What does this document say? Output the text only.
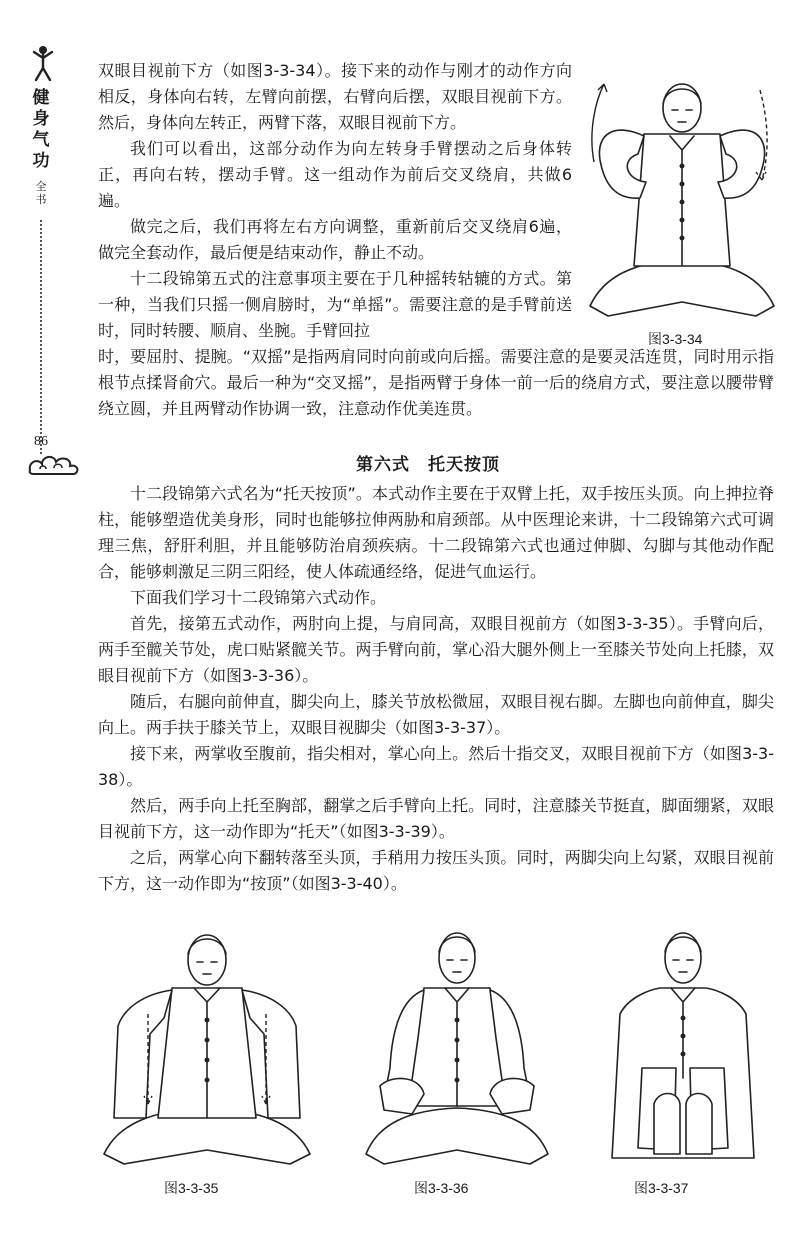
健身气功
全书
86

双眼目视前下方（如图3-3-34）。接下来的动作与刚才的动作方向相反，身体向右转，左臂向前摆，右臂向后摆，双眼目视前下方。然后，身体向左转正，两臂下落，双眼目视前下方。

我们可以看出，这部分动作为向左转身手臂摆动之后身体转正，再向右转，摆动手臂。这一组动作为前后交叉绕肩，共做6遍。

做完之后，我们再将左右方向调整，重新前后交叉绕肩6遍，做完全套动作，最后便是结束动作，静止不动。

十二段锦第五式的注意事项主要在于几种摇转轱辘的方式。第一种，当我们只摇一侧肩膀时，为“单摇”。需要注意的是手臂前送时，同时转腰、顺肩、坐腕。手臂回拉

时，要屈肘、提腕。“双摇”是指两肩同时向前或向后摇。需要注意的是要灵活连贯，同时用示指根节点揉肾俞穴。最后一种为“交叉摇”，是指两臂于身体一前一后的绕肩方式，要注意以腰带臂绕立圆，并且两臂动作协调一致，注意动作优美连贯。

第六式 托天按顶

十二段锦第六式名为“托天按顶”。本式动作主要在于双臂上托，双手按压头顶。向上抻拉脊柱，能够塑造优美身形，同时也能够拉伸两胁和肩颈部。从中医理论来讲，十二段锦第六式可调理三焦，舒肝利胆，并且能够防治肩颈疾病。十二段锦第六式也通过伸脚、勾脚与其他动作配合，能够刺激足三阴三阳经，使人体疏通经络，促进气血运行。

下面我们学习十二段锦第六式动作。

首先，接第五式动作，两肘向上提，与肩同高，双眼目视前方（如图3-3-35）。手臂向后，两手至髋关节处，虎口贴紧髋关节。两手臂向前，掌心沿大腿外侧上一至膝关节处向上托膝，双眼目视前下方（如图3-3-36）。

随后，右腿向前伸直，脚尖向上，膝关节放松微屈，双眼目视右脚。左脚也向前伸直，脚尖向上。两手扶于膝关节上，双眼目视脚尖（如图3-3-37）。

接下来，两掌收至腹前，指尖相对，掌心向上。然后十指交叉，双眼目视前下方（如图3-3-38）。

然后，两手向上托至胸部，翻掌之后手臂向上托。同时，注意膝关节挺直，脚面绷紧，双眼目视前下方，这一动作即为“托天”（如图3-3-39）。

之后，两掌心向下翻转落至头顶，手稍用力按压头顶。同时，两脚尖向上勾紧，双眼目视前下方，这一动作即为“按顶”（如图3-3-40）。

图3-3-34
图3-3-35	图3-3-36	图3-3-37
